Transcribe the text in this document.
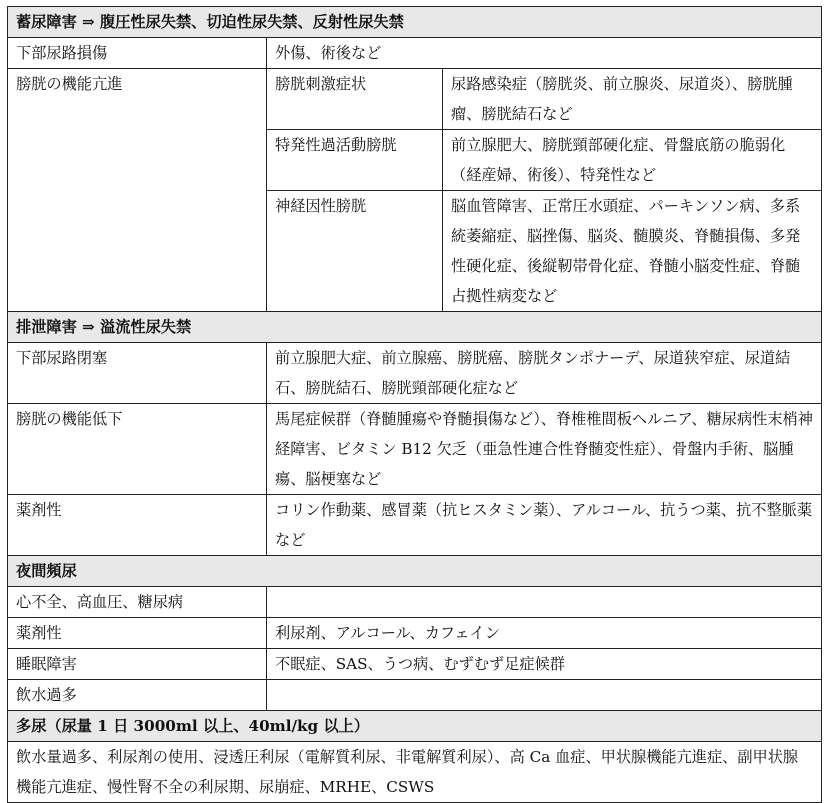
蓄尿障害 ⇒ 腹圧性尿失禁、切迫性尿失禁、反射性尿失禁		
下部尿路損傷	外傷、術後など	
膀胱の機能亢進	膀胱刺激症状	尿路感染症（膀胱炎、前立腺炎、尿道炎）、膀胱腫瘤、膀胱結石など
	特発性過活動膀胱	前立腺肥大、膀胱頸部硬化症、骨盤底筋の脆弱化（経産婦、術後）、特発性など
	神経因性膀胱	脳血管障害、正常圧水頭症、パーキンソン病、多系統萎縮症、脳挫傷、脳炎、髄膜炎、脊髄損傷、多発性硬化症、後縦靭帯骨化症、脊髄小脳変性症、脊髄占拠性病変など
排泄障害 ⇒ 溢流性尿失禁		
下部尿路閉塞	前立腺肥大症、前立腺癌、膀胱癌、膀胱タンポナーデ、尿道狭窄症、尿道結石、膀胱結石、膀胱頸部硬化症など	
膀胱の機能低下	馬尾症候群（脊髄腫瘍や脊髄損傷など）、脊椎椎間板ヘルニア、糖尿病性末梢神経障害、ビタミン B12 欠乏（亜急性連合性脊髄変性症）、骨盤内手術、脳腫瘍、脳梗塞など	
薬剤性	コリン作動薬、感冒薬（抗ヒスタミン薬）、アルコール、抗うつ薬、抗不整脈薬など	
夜間頻尿		
心不全、高血圧、糖尿病		
薬剤性	利尿剤、アルコール、カフェイン	
睡眠障害	不眠症、SAS、うつ病、むずむず足症候群	
飲水過多		
多尿（尿量 1 日 3000ml 以上、40ml/kg 以上）		
飲水量過多、利尿剤の使用、浸透圧利尿（電解質利尿、非電解質利尿）、高 Ca 血症、甲状腺機能亢進症、副甲状腺機能亢進症、慢性腎不全の利尿期、尿崩症、MRHE、CSWS		
